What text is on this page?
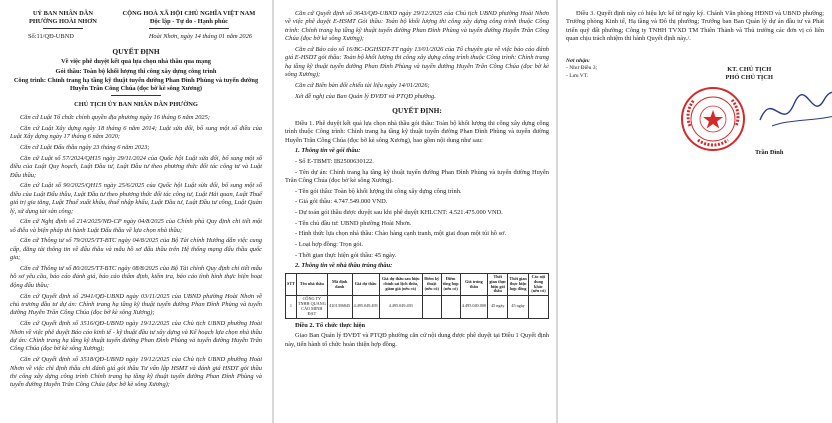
UỶ BAN NHÂN DÂN
PHƯỜNG HOÀI NHƠN
CỘNG HOÀ XÃ HỘI CHỦ NGHĨA VIỆT NAM
Độc lập - Tự do - Hạnh phúc
Số:11/QĐ-UBND	Hoài Nhơn, ngày 14 tháng 01 năm 2026
QUYẾT ĐỊNH
Về việc phê duyệt kết quả lựa chọn nhà thầu qua mạng
Gói thầu: Toàn bộ khối lượng thi công xây dựng công trình
Công trình: Chỉnh trang hạ tầng kỹ thuật tuyến đường Phan Đình Phùng và tuyến đường Huyễn Trân Công Chúa (đọc bờ kè sông Xương)
CHỦ TỊCH ỦY BAN NHÂN DÂN PHƯỜNG

Căn cứ Luật Tổ chức chính quyền địa phương ngày 16 tháng 6 năm 2025;

Căn cứ Luật Xây dựng ngày 18 tháng 6 năm 2014; Luật sửa đổi, bổ sung một số điều của Luật Xây dựng ngày 17 tháng 6 năm 2020;

Căn cứ Luật Đấu thầu ngày 23 tháng 6 năm 2023;

Căn cứ Luật số 57/2024/QH15 ngày 29/11/2024 của Quốc hội Luật sửa đổi, bổ sung một số điều của Luật Quy hoạch, Luật Đầu tư, Luật Đầu tư theo phương thức đối tác công tư và Luật Đấu thầu;

Căn cứ Luật số 90/2025/QH15 ngày 25/6/2025 của Quốc hội Luật sửa đổi, bổ sung một số điều của Luật Đấu thầu, Luật Đầu tư theo phương thức đối tác công tư, Luật Hải quan, Luật Thuế giá trị gia tăng, Luật Thuế xuất khẩu, thuế nhập khẩu, Luật Đầu tư, Luật Đầu tư công, Luật Quản lý, sử dụng tài sản công;

Căn cứ Nghị định số 214/2025/NĐ-CP ngày 04/8/2025 của Chính phủ Quy định chi tiết một số điều và biện pháp thi hành Luật Đấu thầu về lựa chọn nhà thầu;

Căn cứ Thông tư số 79/2025/TT-BTC ngày 04/8/2025 của Bộ Tài chính Hướng dẫn việc cung cấp, đăng tải thông tin về đấu thầu và mẫu hồ sơ đấu thầu trên Hệ thống mạng đấu thầu quốc gia;

Căn cứ Thông tư số 80/2025/TT-BTC ngày 08/8/2025 của Bộ Tài chính Quy định chi tiết mẫu hồ sơ yêu cầu, báo cáo đánh giá, báo cáo thẩm định, kiểm tra, báo cáo tình hình thực hiện hoạt động đấu thầu;

Căn cứ Quyết định số 2941/QĐ-UBND ngày 03/11/2025 của UBND phường Hoài Nhơn về chủ trương đầu tư dự án: Chỉnh trang hạ tầng kỹ thuật tuyến đường Phan Đình Phùng và tuyến đường Huyễn Trân Công Chúa (đọc bờ kè sông Xương);

Căn cứ Quyết định số 3516/QĐ-UBND ngày 19/12/2025 của Chủ tịch UBND phường Hoài Nhơn về việc phê duyệt Báo cáo kinh tế - kỹ thuật đầu tư xây dựng và Kế hoạch lựa chọn nhà thầu dự án: Chỉnh trang hạ tầng kỹ thuật tuyến đường Phan Đình Phùng và tuyến đường Huyễn Trân Công Chúa (đọc bờ kè sông Xương);

Căn cứ Quyết định số 3518/QĐ-UBND ngày 19/12/2025 của Chủ tịch UBND phường Hoài Nhơn về việc chỉ định thầu chi đánh giá gói thầu Tư vấn lập HSMT và đánh giá HSDT gói thầu thi công xây dựng công trình Chỉnh trang hạ tầng kỹ thuật tuyến đường Phan Đình Phùng và tuyến đường Huyễn Trân Công Chúa (đọc bờ kè sông Xương);

Căn cứ Quyết định số 3643/QĐ-UBND ngày 29/12/2025 của Chủ tịch UBND phường Hoài Nhơn về việc phê duyệt E-HSMT Gói thầu: Toàn bộ khối lượng thi công xây dựng công trình thuộc Công trình: Chỉnh trang hạ tầng kỹ thuật tuyến đường Phan Đình Phùng và tuyến đường Huyễn Trân Công Chúa (đọc bờ kè sông Xương);

Căn cứ Báo cáo số 16/BC-DGHSDT-TT ngày 13/01/2026 của Tổ chuyên gia về việc báo cáo đánh giá E-HSDT gói thầu: Toàn bộ khối lượng thi công xây dựng công trình thuộc Công trình: Chỉnh trang hạ tầng kỹ thuật tuyến đường Phan Đình Phùng và tuyến đường Huyễn Trân Công Chúa (đọc bờ kè sông Xương);

Căn cứ Biên bản đối chiếu tài liệu ngày 14/01/2026;

Xét đề nghị của Ban Quản lý ĐVĐT và PTQĐ phường.

QUYẾT ĐỊNH:

Điều 1. Phê duyệt kết quả lựa chọn nhà thầu gói thầu: Toàn bộ khối lượng thi công xây dựng công trình thuộc Công trình: Chỉnh trang hạ tầng kỹ thuật tuyến đường Phan Đình Phùng và tuyến đường Huyễn Trân Công Chúa (đọc bờ kè sông Xương), bao gồm nội dung như sau:

1. Thông tin về gói thầu:

- Số E-TBMT: IB2500630122.

- Tên dự án: Chỉnh trang hạ tầng kỹ thuật tuyến đường Phan Đình Phùng và tuyến đường Huyễn Trân Công Chúa (đọc bờ kè sông Xương).

- Tên gói thầu: Toàn bộ khối lượng thi công xây dựng công trình.

- Giá gói thầu: 4.747.549.000 VND.

- Dự toán gói thầu được duyệt sau khi phê duyệt KHLCNT: 4.521.475.000 VND.

- Tên chủ đầu tư: UBND phường Hoài Nhơn.

- Hình thức lựa chọn nhà thầu: Chào hàng cạnh tranh, một giai đoạn một túi hồ sơ.

- Loại hợp đồng: Trọn gói.

- Thời gian thực hiện gói thầu: 45 ngày.

2. Thông tin về nhà thầu trúng thầu:

STT	Tên nhà thầu	Mã định danh	Giá dự thầu	Giá dự thầu sau hiệu chỉnh sai lệch thừa, giảm giá (nếu có)	Điểm kỹ thuật (nếu có)	Điểm tổng hợp (nếu có)	Giá trúng thầu	Thời gian thực hiện gói thầu	Thời gian thực hiện hợp đồng	Các nội dung khác (nếu có)
1	CÔNG TY TNHH QUANG CẢO MINH ĐẠT	4101396845	4.495.049.493	4.495.049.493			4.495.049.000	45 ngày	45 ngày	

Điều 2. Tổ chức thực hiện

Giao Ban Quản lý ĐVĐT và PTQĐ phường căn cứ nội dung được phê duyệt tại Điều 1 Quyết định này, tiến hành tổ chức hoàn thiện hợp đồng.

Điều 3. Quyết định này có hiệu lực kể từ ngày ký. Chánh Văn phòng HĐND và UBND phường; Trưởng phòng Kinh tế, Hạ tầng và Đô thị phường; Trưởng ban Ban Quản lý dự án đầu tư và Phát triển quỹ đất phường; Công ty TNHH TVXD TM Thiên Thành và Thủ trưởng các đơn vị có liên quan chịu trách nhiệm thi hành Quyết định này./.

Nơi nhận:
- Như Điều 3;
- Lưu VT.
KT. CHỦ TỊCH
PHÓ CHỦ TỊCH
Trần Đình
